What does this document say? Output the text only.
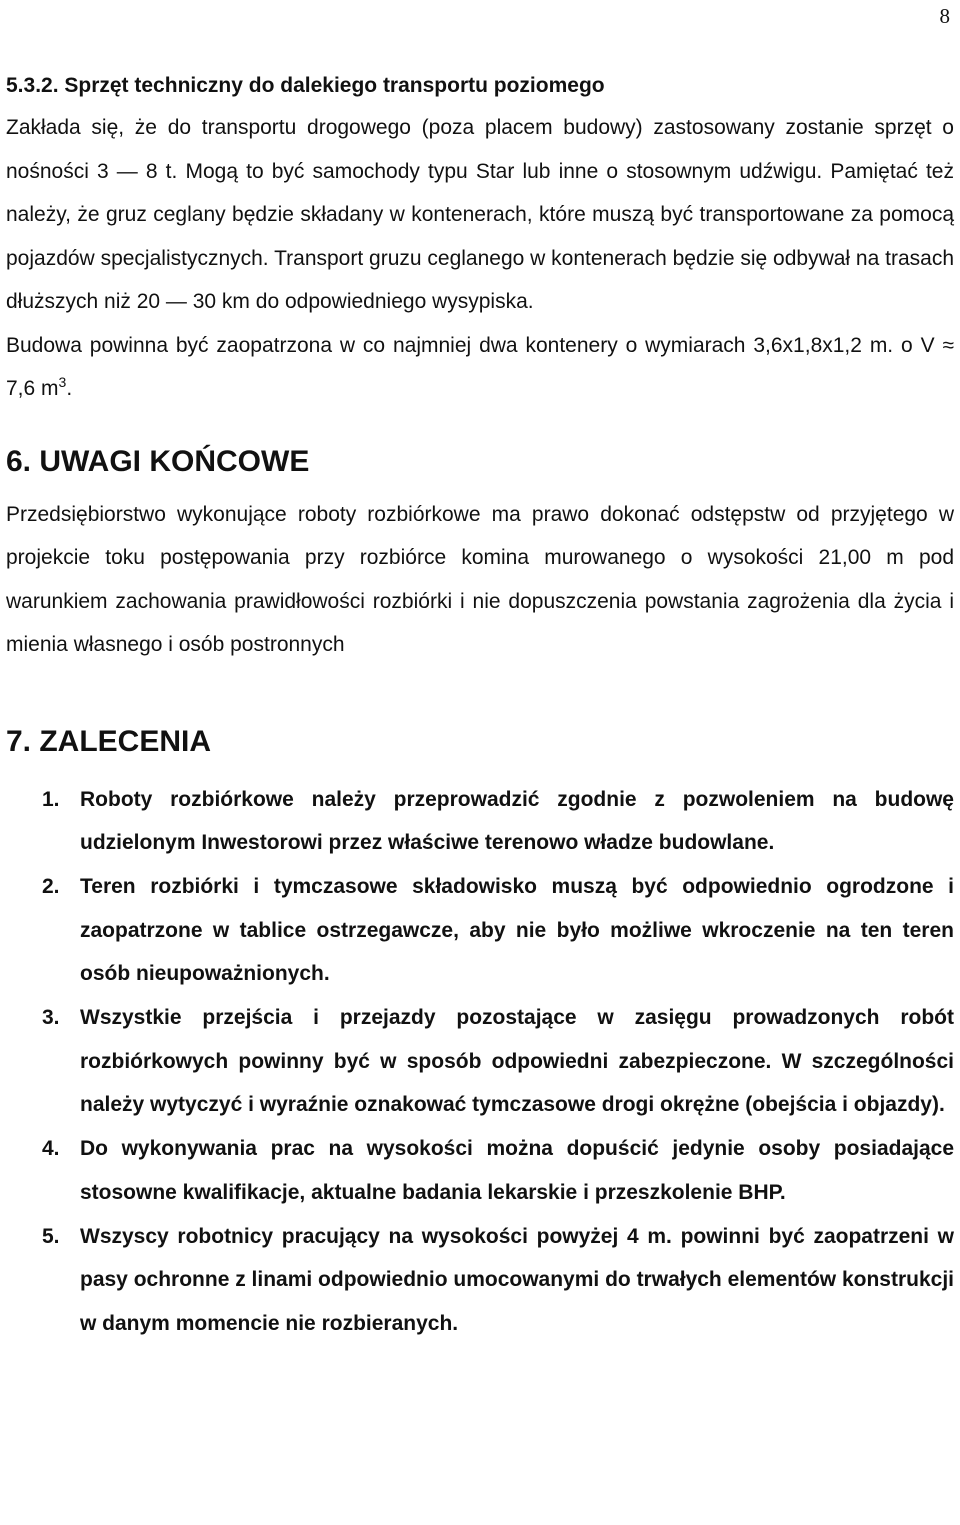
8

5.3.2. Sprzęt techniczny do dalekiego transportu poziomego

Zakłada się, że do transportu drogowego (poza placem budowy) zastosowany zostanie sprzęt o nośności 3 — 8 t. Mogą to być samochody typu Star lub inne o stosownym udźwigu. Pamiętać też należy, że gruz ceglany będzie składany w kontenerach, które muszą być transportowane za pomocą pojazdów specjalistycznych. Transport gruzu ceglanego w kontenerach będzie się odbywał na trasach dłuższych niż 20 — 30 km do odpowiedniego wysypiska.

Budowa powinna być zaopatrzona w co najmniej dwa kontenery o wymiarach 3,6x1,8x1,2 m. o V ≈ 7,6 $m^3$.

6. UWAGI KOŃCOWE

Przedsiębiorstwo wykonujące roboty rozbiórkowe ma prawo dokonać odstępstw od przyjętego w projekcie toku postępowania przy rozbiórce komina murowanego o wysokości 21,00 m pod warunkiem zachowania prawidłowości rozbiórki i nie dopuszczenia powstania zagrożenia dla życia i mienia własnego i osób postronnych

7. ZALECENIA
1. Roboty rozbiórkowe należy przeprowadzić zgodnie z pozwoleniem na budowę udzielonym Inwestorowi przez właściwe terenowo władze budowlane.
2. Teren rozbiórki i tymczasowe składowisko muszą być odpowiednio ogrodzone i zaopatrzone w tablice ostrzegawcze, aby nie było możliwe wkroczenie na ten teren osób nieupoważnionych.
3. Wszystkie przejścia i przejazdy pozostające w zasięgu prowadzonych robót rozbiórkowych powinny być w sposób odpowiedni zabezpieczone. W szczególności należy wytyczyć i wyraźnie oznakować tymczasowe drogi okrężne (obejścia i objazdy).
4. Do wykonywania prac na wysokości można dopuścić jedynie osoby posiadające stosowne kwalifikacje, aktualne badania lekarskie i przeszkolenie BHP.
5. Wszyscy robotnicy pracujący na wysokości powyżej 4 m. powinni być zaopatrzeni w pasy ochronne z linami odpowiednio umocowanymi do trwałych elementów konstrukcji w danym momencie nie rozbieranych.
